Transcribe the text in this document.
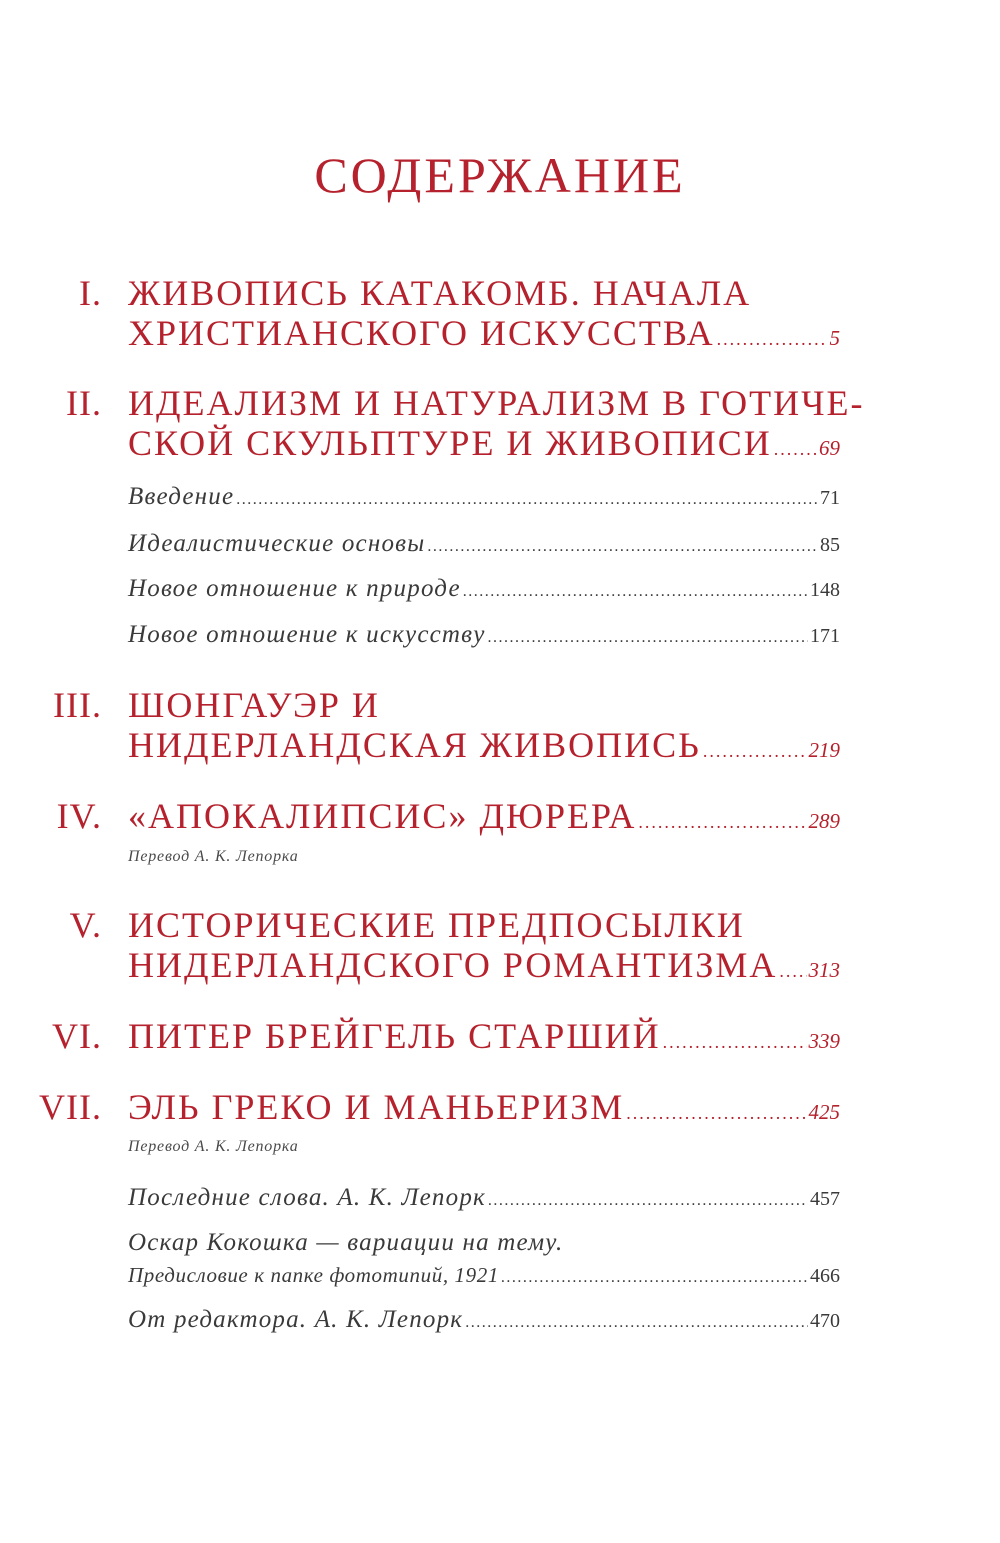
СОДЕРЖАНИЕ
I. ЖИВОПИСЬ КАТАКОМБ. НАЧАЛА
ХРИСТИАНСКОГО ИСКУССТВА .....	5
II. ИДЕАЛИЗМ И НАТУРАЛИЗМ В ГОТИЧЕ-
СКОЙ СКУЛЬПТУРЕ И ЖИВОПИСИ ..... 69
Введение .....	71
Идеалистические основы .....	85
Новое отношение к природе .....	148
Новое отношение к искусству .....	171
III. ШОНГАУЭР И
НИДЕРЛАНДСКАЯ ЖИВОПИСЬ .....	219
IV. «АПОКАЛИПСИС» ДЮРЕРА .....	289
Перевод А. К. Лепорка
V. ИСТОРИЧЕСКИЕ ПРЕДПОСЫЛКИ
НИДЕРЛАНДСКОГО РОМАНТИЗМА ..... 313
VI. ПИТЕР БРЕЙГЕЛЬ СТАРШИЙ .....	339
VII. ЭЛЬ ГРЕКО И МАНЬЕРИЗМ .....	425
Перевод А. К. Лепорка
Последние слова. А. К. Лепорк .....	457
Оскар Кокошка — вариации на тему.
Предисловие к папке фототипий, 1921 .....	466
От редактора. А. К. Лепорк .....	470
